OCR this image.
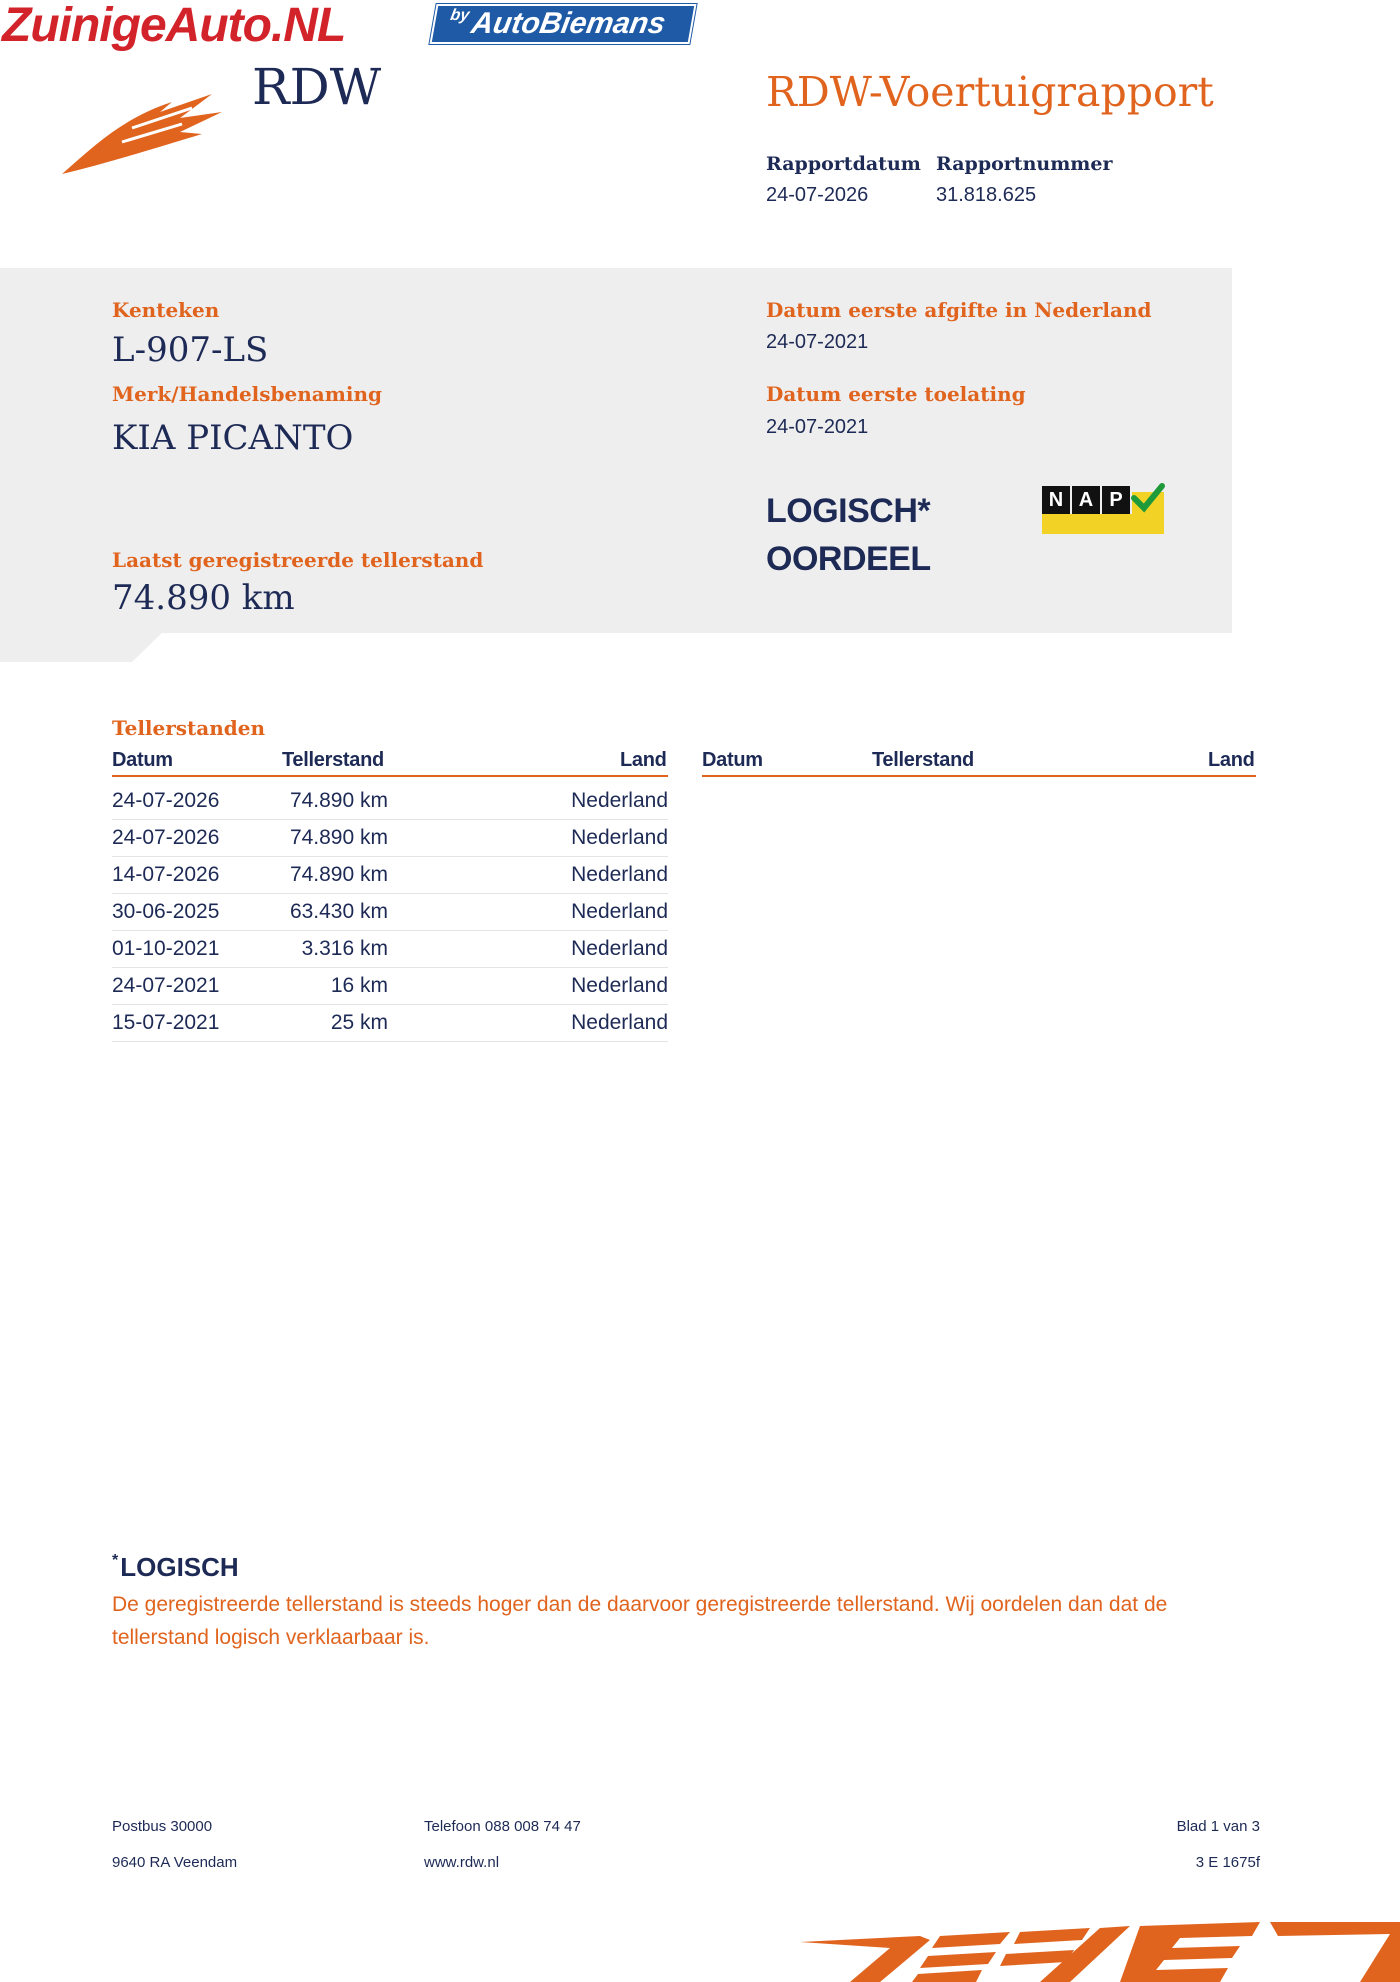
ZuinigeAuto.NL	by
AutoBiemans
RDW	RDW-Voertuigrapport
Rapportdatum
24-07-2026
Rapportnummer
31.818.625
Kenteken
L-907-LS
Merk/Handelsbenaming
KIA PICANTO
Laatst geregistreerde tellerstand
74.890 km
Datum eerste afgifte in Nederland
24-07-2021
Datum eerste toelating
24-07-2021
LOGISCH*
OORDEEL
N A P
Tellerstanden
Datum	Tellerstand	Land Datum	Tellerstand	Land
24-07-2026	74.890 km	Nederland
24-07-2026	74.890 km	Nederland
14-07-2026	74.890 km	Nederland
30-06-2025	63.430 km	Nederland
01-10-2021	3.316 km	Nederland
24-07-2021	16 km	Nederland
15-07-2021	25 km	Nederland
*LOGISCH
De geregistreerde tellerstand is steeds hoger dan de daarvoor geregistreerde tellerstand. Wij oordelen dan dat de tellerstand logisch verklaarbaar is.
Postbus 30000
9640 RA Veendam
Telefoon 088 008 74 47
www.rdw.nl
Blad 1 van 3
3 E 1675f
